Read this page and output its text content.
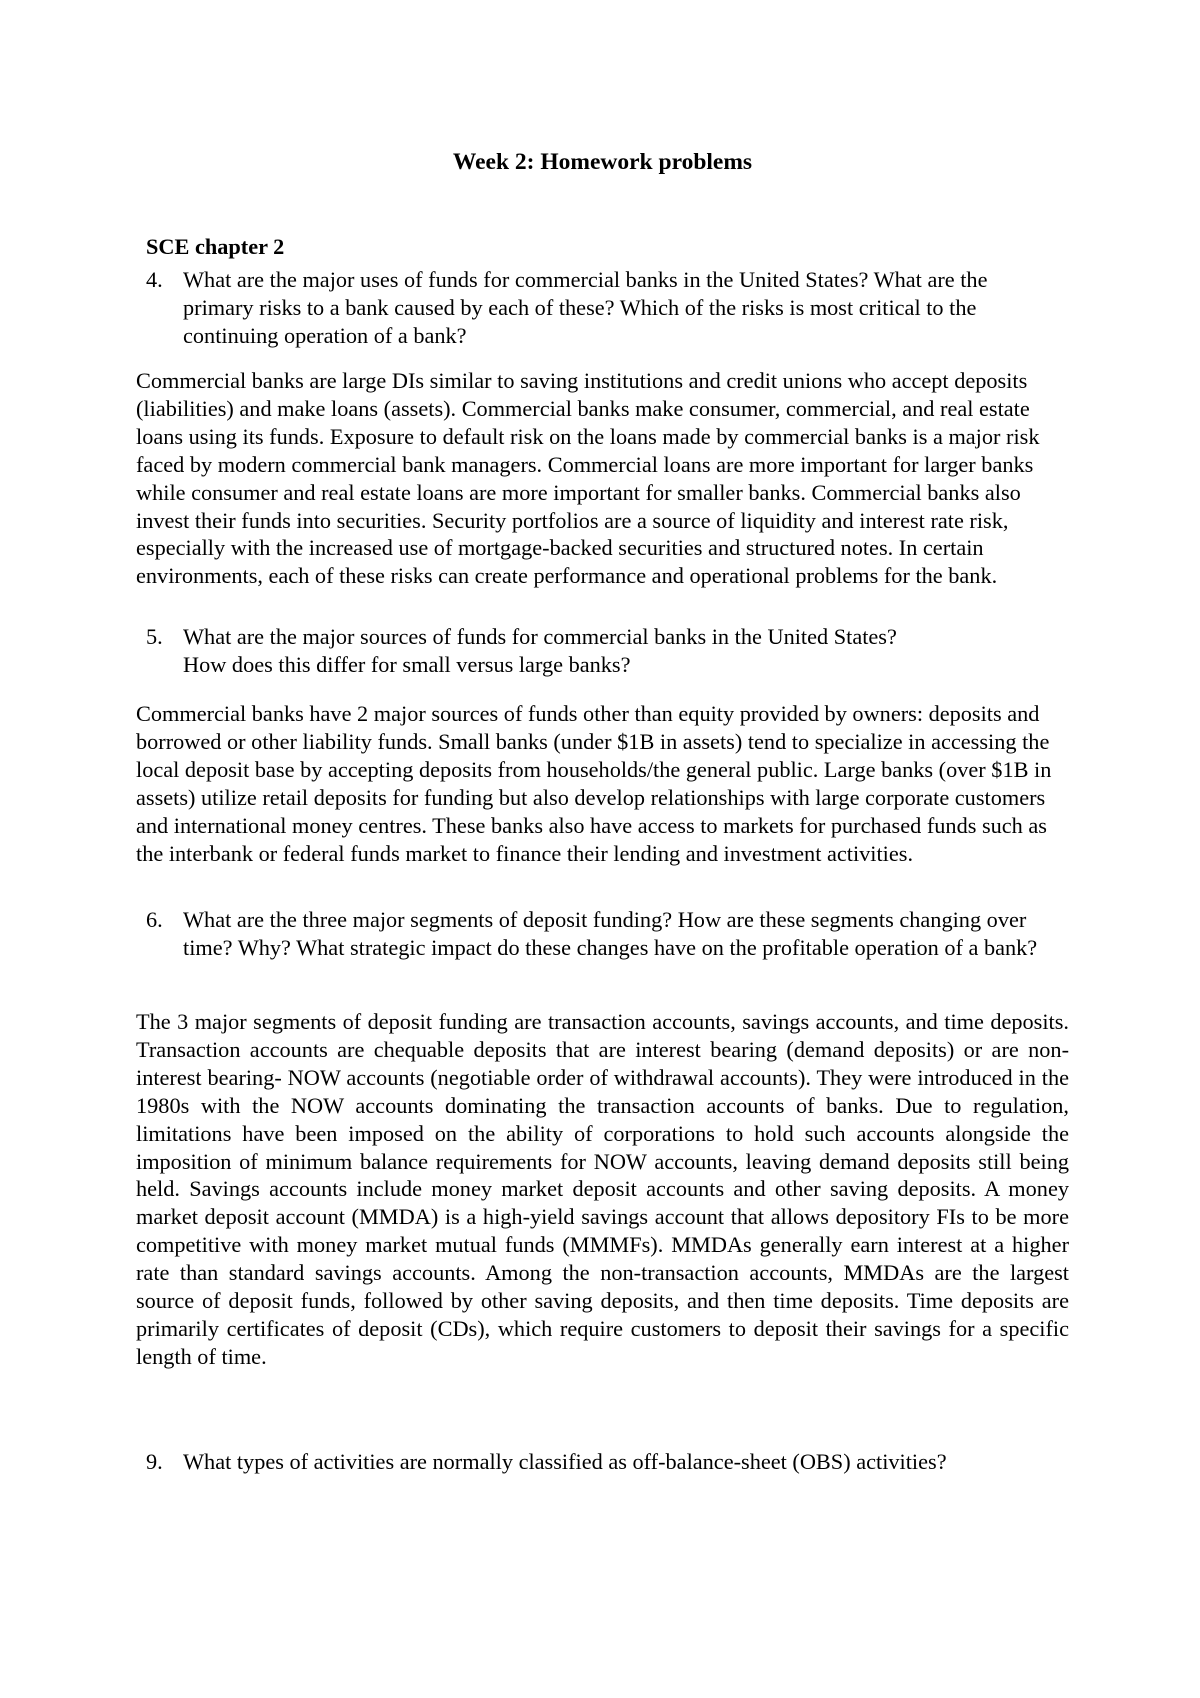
Week 2: Homework problems
SCE chapter 2
4. What are the major uses of funds for commercial banks in the United States? What are the primary risks to a bank caused by each of these? Which of the risks is most critical to the continuing operation of a bank?

Commercial banks are large DIs similar to saving institutions and credit unions who accept deposits (liabilities) and make loans (assets). Commercial banks make consumer, commercial, and real estate loans using its funds. Exposure to default risk on the loans made by commercial banks is a major risk faced by modern commercial bank managers. Commercial loans are more important for larger banks while consumer and real estate loans are more important for smaller banks. Commercial banks also invest their funds into securities. Security portfolios are a source of liquidity and interest rate risk, especially with the increased use of mortgage-backed securities and structured notes. In certain environments, each of these risks can create performance and operational problems for the bank.

5. What are the major sources of funds for commercial banks in the United States?
How does this differ for small versus large banks?

Commercial banks have 2 major sources of funds other than equity provided by owners: deposits and borrowed or other liability funds. Small banks (under $1B in assets) tend to specialize in accessing the local deposit base by accepting deposits from households/the general public. Large banks (over $1B in assets) utilize retail deposits for funding but also develop relationships with large corporate customers and international money centres. These banks also have access to markets for purchased funds such as the interbank or federal funds market to finance their lending and investment activities.

6. What are the three major segments of deposit funding? How are these segments changing over time? Why? What strategic impact do these changes have on the profitable operation of a bank?

The 3 major segments of deposit funding are transaction accounts, savings accounts, and time deposits. Transaction accounts are chequable deposits that are interest bearing (demand deposits) or are non-interest bearing- NOW accounts (negotiable order of withdrawal accounts). They were introduced in the 1980s with the NOW accounts dominating the transaction accounts of banks. Due to regulation, limitations have been imposed on the ability of corporations to hold such accounts alongside the imposition of minimum balance requirements for NOW accounts, leaving demand deposits still being held. Savings accounts include money market deposit accounts and other saving deposits. A money market deposit account (MMDA) is a high-yield savings account that allows depository FIs to be more competitive with money market mutual funds (MMMFs). MMDAs generally earn interest at a higher rate than standard savings accounts. Among the non-transaction accounts, MMDAs are the largest source of deposit funds, followed by other saving deposits, and then time deposits. Time deposits are primarily certificates of deposit (CDs), which require customers to deposit their savings for a specific length of time.

9. What types of activities are normally classified as off-balance-sheet (OBS) activities?
